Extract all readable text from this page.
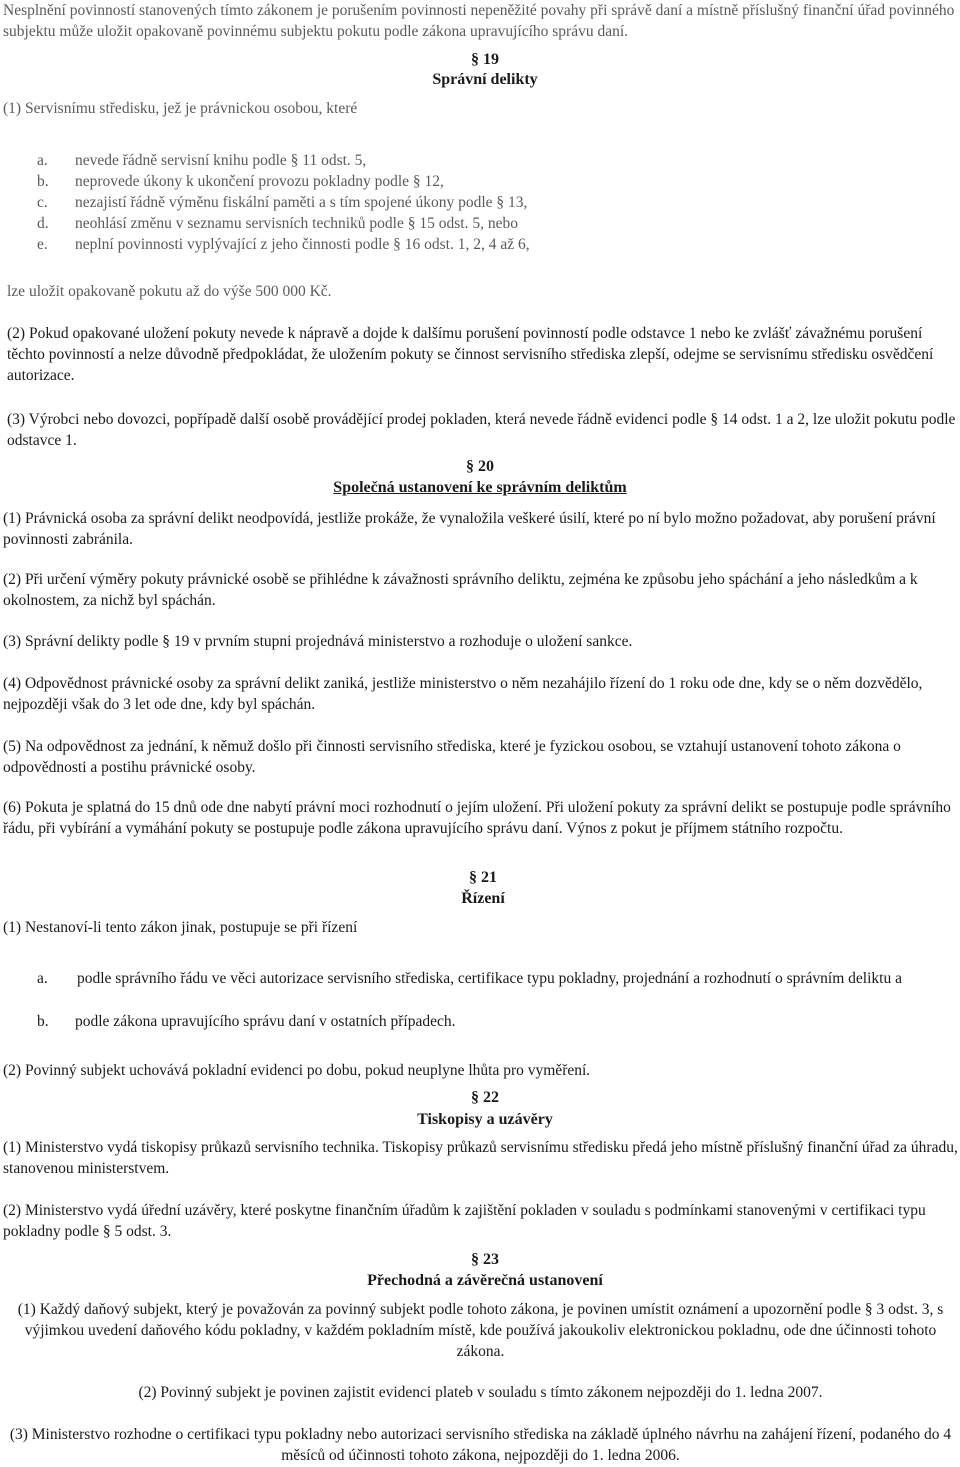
Nesplnění povinností stanovených tímto zákonem je porušením povinnosti nepeněžité povahy při správě daní a místně příslušný finanční úřad povinného subjektu může uložit opakovaně povinnému subjektu pokutu podle zákona upravujícího správu daní.

§ 19
Správní delikty

(1) Servisnímu středisku, jež je právnickou osobou, které

a. nevede řádně servisní knihu podle § 11 odst. 5,
b. neprovede úkony k ukončení provozu pokladny podle § 12,
c. nezajistí řádně výměnu fiskální paměti a s tím spojené úkony podle § 13,
d. neohlásí změnu v seznamu servisních techniků podle § 15 odst. 5, nebo
e. neplní povinnosti vyplývající z jeho činnosti podle § 16 odst. 1, 2, 4 až 6,

lze uložit opakovaně pokutu až do výše 500 000 Kč.

(2) Pokud opakované uložení pokuty nevede k nápravě a dojde k dalšímu porušení povinností podle odstavce 1 nebo ke zvlášť závažnému porušení těchto povinností a nelze důvodně předpokládat, že uložením pokuty se činnost servisního střediska zlepší, odejme se servisnímu středisku osvědčení autorizace.

(3) Výrobci nebo dovozci, popřípadě další osobě provádějící prodej pokladen, která nevede řádně evidenci podle § 14 odst. 1 a 2, lze uložit pokutu podle odstavce 1.

§ 20
Společná ustanovení ke správním deliktům

(1) Právnická osoba za správní delikt neodpovídá, jestliže prokáže, že vynaložila veškeré úsilí, které po ní bylo možno požadovat, aby porušení právní povinnosti zabránila.

(2) Při určení výměry pokuty právnické osobě se přihlédne k závažnosti správního deliktu, zejména ke způsobu jeho spáchání a jeho následkům a k okolnostem, za nichž byl spáchán.

(3) Správní delikty podle § 19 v prvním stupni projednává ministerstvo a rozhoduje o uložení sankce.

(4) Odpovědnost právnické osoby za správní delikt zaniká, jestliže ministerstvo o něm nezahájilo řízení do 1 roku ode dne, kdy se o něm dozvědělo, nejpozději však do 3 let ode dne, kdy byl spáchán.

(5) Na odpovědnost za jednání, k němuž došlo při činnosti servisního střediska, které je fyzickou osobou, se vztahují ustanovení tohoto zákona o odpovědnosti a postihu právnické osoby.

(6) Pokuta je splatná do 15 dnů ode dne nabytí právní moci rozhodnutí o jejím uložení. Při uložení pokuty za správní delikt se postupuje podle správního řádu, při vybírání a vymáhání pokuty se postupuje podle zákona upravujícího správu daní. Výnos z pokut je příjmem státního rozpočtu.

§ 21
Řízení

(1) Nestanoví-li tento zákon jinak, postupuje se při řízení

a.	podle správního řádu ve věci autorizace servisního střediska, certifikace typu pokladny, projednání a rozhodnutí o správním deliktu a
b. podle zákona upravujícího správu daní v ostatních případech.

(2) Povinný subjekt uchovává pokladní evidenci po dobu, pokud neuplyne lhůta pro vyměření.

§ 22
Tiskopisy a uzávěry

(1) Ministerstvo vydá tiskopisy průkazů servisního technika. Tiskopisy průkazů servisnímu středisku předá jeho místně příslušný finanční úřad za úhradu, stanovenou ministerstvem.

(2) Ministerstvo vydá úřední uzávěry, které poskytne finančním úřadům k zajištění pokladen v souladu s podmínkami stanovenými v certifikaci typu pokladny podle § 5 odst. 3.

§ 23
Přechodná a závěrečná ustanovení

(1) Každý daňový subjekt, který je považován za povinný subjekt podle tohoto zákona, je povinen umístit oznámení a upozornění podle § 3 odst. 3, s výjimkou uvedení daňového kódu pokladny, v každém pokladním místě, kde používá jakoukoliv elektronickou pokladnu, ode dne účinnosti tohoto zákona.

(2) Povinný subjekt je povinen zajistit evidenci plateb v souladu s tímto zákonem nejpozději do 1. ledna 2007.

(3) Ministerstvo rozhodne o certifikaci typu pokladny nebo autorizaci servisního střediska na základě úplného návrhu na zahájení řízení, podaného do 4 měsíců od účinnosti tohoto zákona, nejpozději do 1. ledna 2006.
